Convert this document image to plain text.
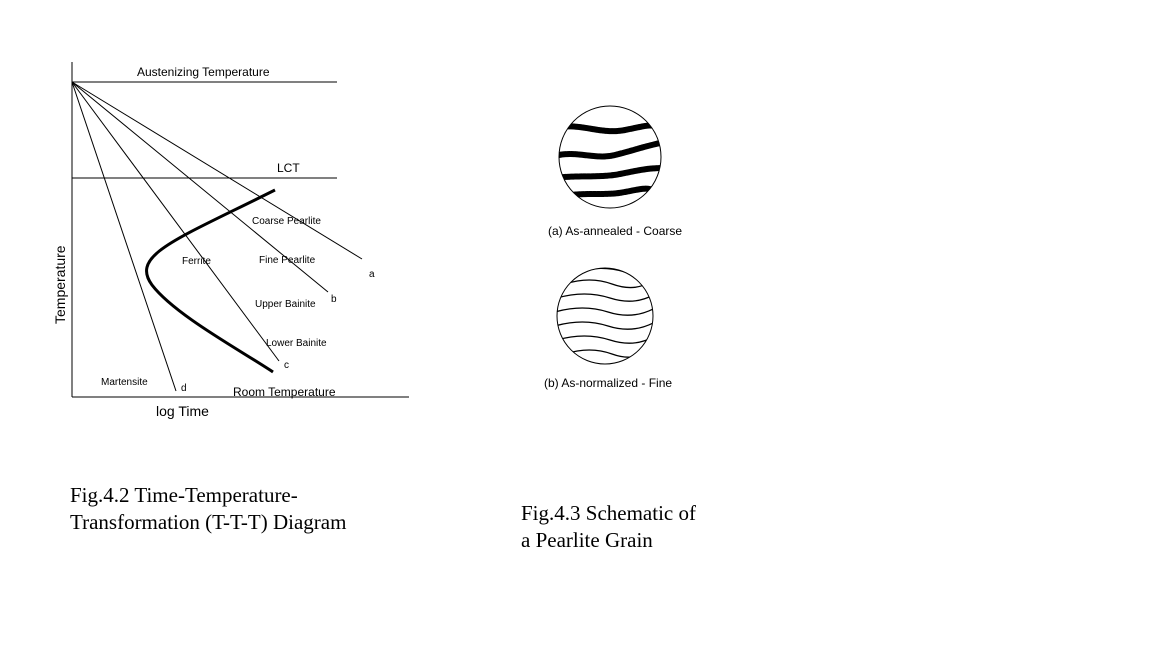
Austenizing Temperature
LCT
Coarse Pearlite
Ferrite	Fine Pearlite
Upper Bainite
Lower Bainite
Martensite
a
b
c
d	Room Temperature
log Time
Temperature
(a) As-annealed - Coarse
(b) As-normalized - Fine
Fig.4.2 Time-Temperature-
Transformation (T-T-T) Diagram	Fig.4.3 Schematic of
a Pearlite Grain
